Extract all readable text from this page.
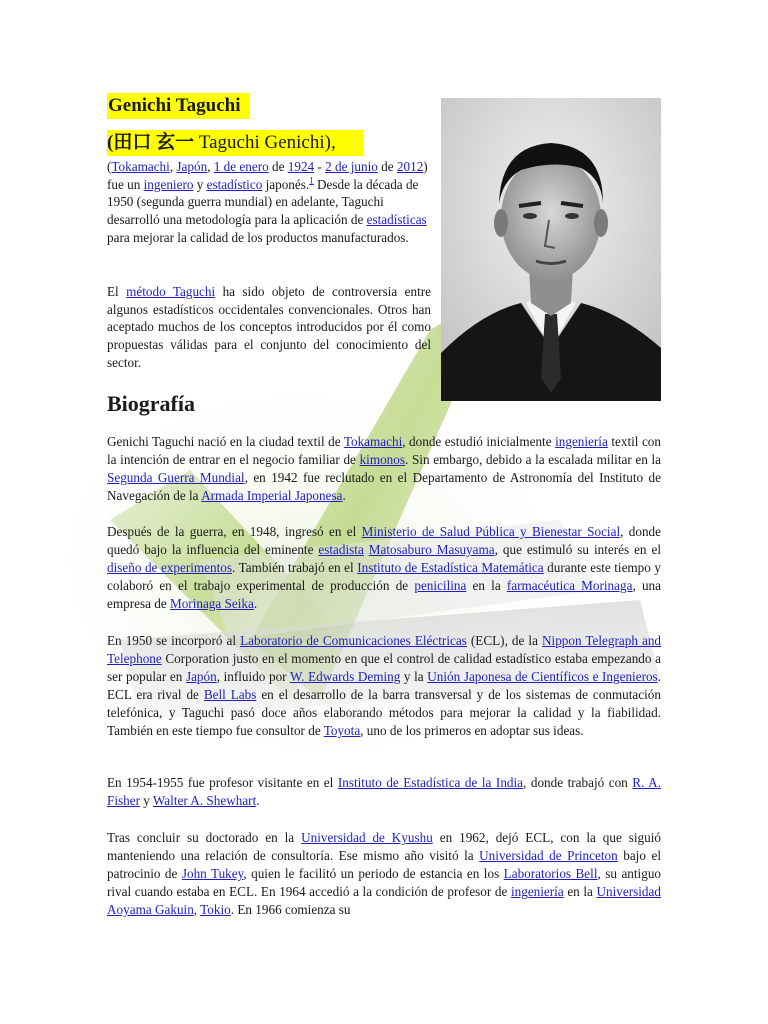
Genichi Taguchi
(田口 玄一 Taguchi Genichi),

(Tokamachi, Japón, 1 de enero de 1924 - 2 de junio de 2012) fue un ingeniero y estadístico japonés.$^1$ Desde la década de 1950 (segunda guerra mundial) en adelante, Taguchi desarrolló una metodología para la aplicación de estadísticas para mejorar la calidad de los productos manufacturados.

El método Taguchi ha sido objeto de controversia entre algunos estadísticos occidentales convencionales. Otros han aceptado muchos de los conceptos introducidos por él como propuestas válidas para el conjunto del conocimiento del sector.

Biografía

Genichi Taguchi nació en la ciudad textil de Tokamachi, donde estudió inicialmente ingeniería textil con la intención de entrar en el negocio familiar de kimonos. Sin embargo, debido a la escalada militar en la Segunda Guerra Mundial, en 1942 fue reclutado en el Departamento de Astronomía del Instituto de Navegación de la Armada Imperial Japonesa.

Después de la guerra, en 1948, ingresó en el Ministerio de Salud Pública y Bienestar Social, donde quedó bajo la influencia del eminente estadista Matosaburo Masuyama, que estimuló su interés en el diseño de experimentos. También trabajó en el Instituto de Estadística Matemática durante este tiempo y colaboró en el trabajo experimental de producción de penicilina en la farmacéutica Morinaga, una empresa de Morinaga Seika.

En 1950 se incorporó al Laboratorio de Comunicaciones Eléctricas (ECL), de la Nippon Telegraph and Telephone Corporation justo en el momento en que el control de calidad estadístico estaba empezando a ser popular en Japón, influido por W. Edwards Deming y la Unión Japonesa de Científicos e Ingenieros. ECL era rival de Bell Labs en el desarrollo de la barra transversal y de los sistemas de conmutación telefónica, y Taguchi pasó doce años elaborando métodos para mejorar la calidad y la fiabilidad. También en este tiempo fue consultor de Toyota, uno de los primeros en adoptar sus ideas.

En 1954-1955 fue profesor visitante en el Instituto de Estadística de la India, donde trabajó con R. A. Fisher y Walter A. Shewhart.

Tras concluir su doctorado en la Universidad de Kyushu en 1962, dejó ECL, con la que siguió manteniendo una relación de consultoría. Ese mismo año visitó la Universidad de Princeton bajo el patrocinio de John Tukey, quien le facilitó un periodo de estancia en los Laboratorios Bell, su antiguo rival cuando estaba en ECL. En 1964 accedió a la condición de profesor de ingeniería en la Universidad Aoyama Gakuin, Tokio. En 1966 comienza su
